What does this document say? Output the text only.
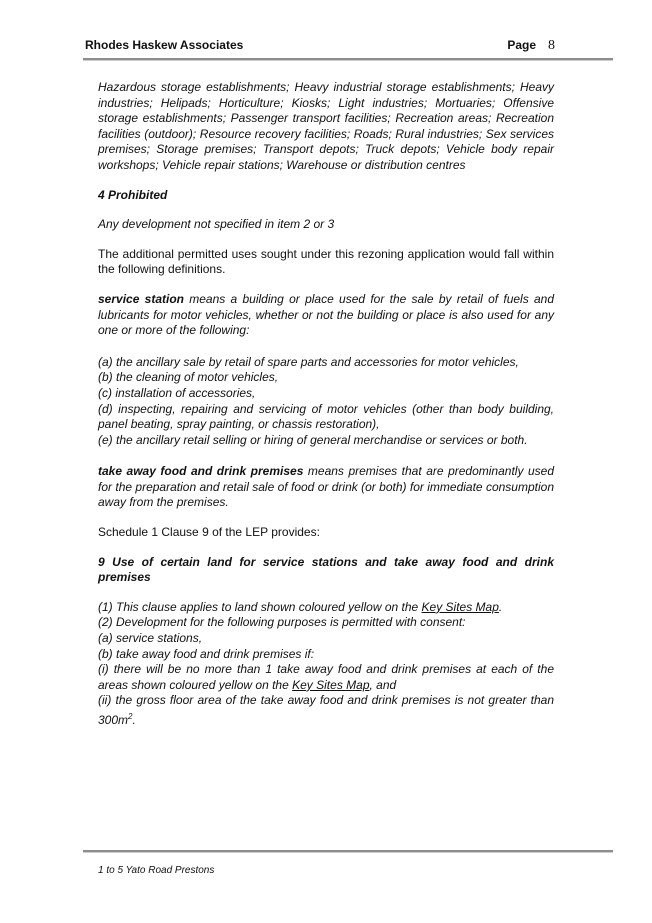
Rhodes Haskew Associates	Page 8

Hazardous storage establishments; Heavy industrial storage establishments; Heavy industries; Helipads; Horticulture; Kiosks; Light industries; Mortuaries; Offensive storage establishments; Passenger transport facilities; Recreation areas; Recreation facilities (outdoor); Resource recovery facilities; Roads; Rural industries; Sex services premises; Storage premises; Transport depots; Truck depots; Vehicle body repair workshops; Vehicle repair stations; Warehouse or distribution centres

4 Prohibited

Any development not specified in item 2 or 3

The additional permitted uses sought under this rezoning application would fall within the following definitions.

service station means a building or place used for the sale by retail of fuels and lubricants for motor vehicles, whether or not the building or place is also used for any one or more of the following:

(a) the ancillary sale by retail of spare parts and accessories for motor vehicles,
(b) the cleaning of motor vehicles,
(c) installation of accessories,
(d) inspecting, repairing and servicing of motor vehicles (other than body building, panel beating, spray painting, or chassis restoration),
(e) the ancillary retail selling or hiring of general merchandise or services or both.

take away food and drink premises means premises that are predominantly used for the preparation and retail sale of food or drink (or both) for immediate consumption away from the premises.

Schedule 1 Clause 9 of the LEP provides:

9 Use of certain land for service stations and take away food and drink premises

(1) This clause applies to land shown coloured yellow on the Key Sites Map.
(2) Development for the following purposes is permitted with consent:
(a) service stations,
(b) take away food and drink premises if:
(i) there will be no more than 1 take away food and drink premises at each of the areas shown coloured yellow on the Key Sites Map, and
(ii) the gross floor area of the take away food and drink premises is not greater than $300m^2$.
1 to 5 Yato Road Prestons
